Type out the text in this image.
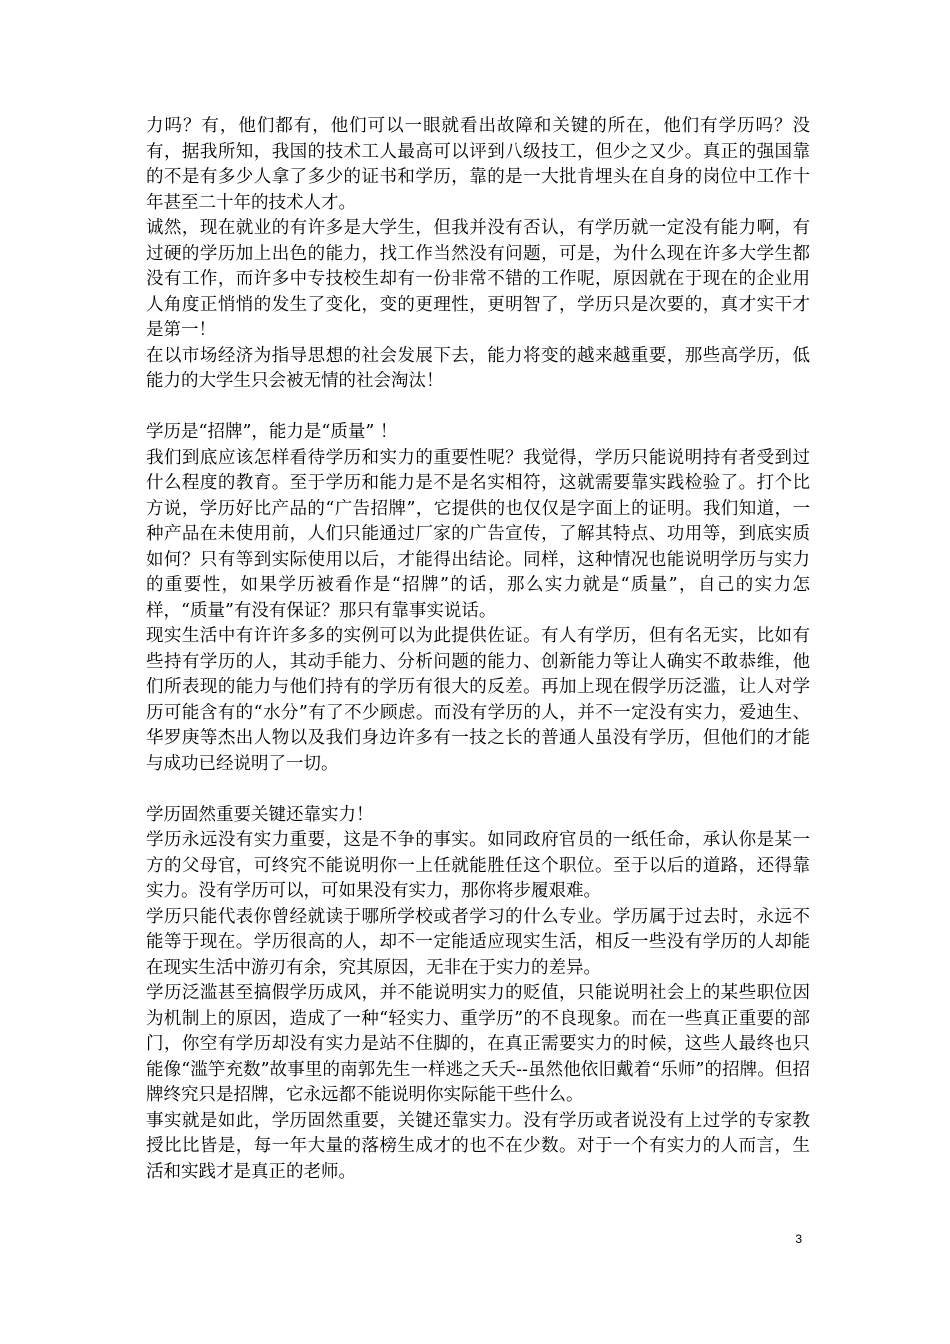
力吗？有，他们都有，他们可以一眼就看出故障和关键的所在，他们有学历吗？没有，据我所知，我国的技术工人最高可以评到八级技工，但少之又少。真正的强国靠的不是有多少人拿了多少的证书和学历，靠的是一大批肯埋头在自身的岗位中工作十年甚至二十年的技术人才。

诚然，现在就业的有许多是大学生，但我并没有否认，有学历就一定没有能力啊，有过硬的学历加上出色的能力，找工作当然没有问题，可是，为什么现在许多大学生都没有工作，而许多中专技校生却有一份非常不错的工作呢，原因就在于现在的企业用人角度正悄悄的发生了变化，变的更理性，更明智了，学历只是次要的，真才实干才是第一！

在以市场经济为指导思想的社会发展下去，能力将变的越来越重要，那些高学历，低能力的大学生只会被无情的社会淘汰！

学历是“招牌”，能力是“质量” ！

我们到底应该怎样看待学历和实力的重要性呢？我觉得，学历只能说明持有者受到过什么程度的教育。至于学历和能力是不是名实相符，这就需要靠实践检验了。打个比方说，学历好比产品的“广告招牌”，它提供的也仅仅是字面上的证明。我们知道，一种产品在未使用前，人们只能通过厂家的广告宣传，了解其特点、功用等，到底实质如何？只有等到实际使用以后，才能得出结论。同样，这种情况也能说明学历与实力的重要性，如果学历被看作是“招牌”的话，那么实力就是“质量”，自己的实力怎样，“质量”有没有保证？那只有靠事实说话。

现实生活中有许许多多的实例可以为此提供佐证。有人有学历，但有名无实，比如有些持有学历的人，其动手能力、分析问题的能力、创新能力等让人确实不敢恭维，他们所表现的能力与他们持有的学历有很大的反差。再加上现在假学历泛滥，让人对学历可能含有的“水分”有了不少顾虑。而没有学历的人，并不一定没有实力，爱迪生、华罗庚等杰出人物以及我们身边许多有一技之长的普通人虽没有学历，但他们的才能与成功已经说明了一切。

学历固然重要关键还靠实力！

学历永远没有实力重要，这是不争的事实。如同政府官员的一纸任命，承认你是某一方的父母官，可终究不能说明你一上任就能胜任这个职位。至于以后的道路，还得靠实力。没有学历可以，可如果没有实力，那你将步履艰难。

学历只能代表你曾经就读于哪所学校或者学习的什么专业。学历属于过去时，永远不能等于现在。学历很高的人，却不一定能适应现实生活，相反一些没有学历的人却能在现实生活中游刃有余，究其原因，无非在于实力的差异。

学历泛滥甚至搞假学历成风，并不能说明实力的贬值，只能说明社会上的某些职位因为机制上的原因，造成了一种“轻实力、重学历”的不良现象。而在一些真正重要的部门，你空有学历却没有实力是站不住脚的，在真正需要实力的时候，这些人最终也只能像“滥竽充数”故事里的南郭先生一样逃之夭夭--虽然他依旧戴着“乐师”的招牌。但招牌终究只是招牌，它永远都不能说明你实际能干些什么。

事实就是如此，学历固然重要，关键还靠实力。没有学历或者说没有上过学的专家教授比比皆是，每一年大量的落榜生成才的也不在少数。对于一个有实力的人而言，生活和实践才是真正的老师。

3
